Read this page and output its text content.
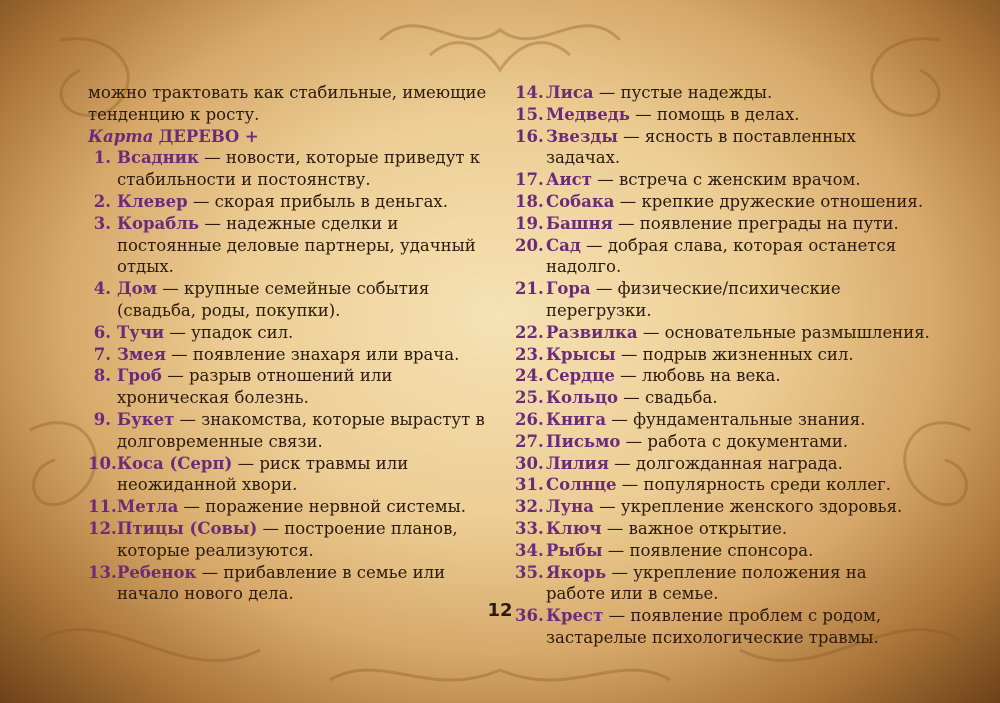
можно трактовать как стабильные, имеющие тенденцию к росту.

Карта ДЕРЕВО +

1. Всадник — новости, которые приведут к стабильности и постоянству.

2. Клевер — скорая прибыль в деньгах.

3. Корабль — надежные сделки и постоянные деловые партнеры, удачный отдых.

4. Дом — крупные семейные события (свадьба, роды, покупки).

6. Тучи — упадок сил.

7. Змея — появление знахаря или врача.

8. Гроб — разрыв отношений или хроническая болезнь.

9. Букет — знакомства, которые вырастут в долговременные связи.

10. Коса (Серп) — риск травмы или неожиданной хвори.

11. Метла — поражение нервной системы.

12. Птицы (Совы) — построение планов, которые реализуются.

13. Ребенок — прибавление в семье или начало нового дела.

14. Лиса — пустые надежды.

15. Медведь — помощь в делах.

16. Звезды — ясность в поставленных задачах.

17. Аист — встреча с женским врачом.

18. Собака — крепкие дружеские отношения.

19. Башня — появление преграды на пути.

20. Сад — добрая слава, которая останется надолго.

21. Гора — физические/психические перегрузки.

22. Развилка — основательные размышления.

23. Крысы — подрыв жизненных сил.

24. Сердце — любовь на века.

25. Кольцо — свадьба.

26. Книга — фундаментальные знания.

27. Письмо — работа с документами.

30. Лилия — долгожданная награда.

31. Солнце — популярность среди коллег.

32. Луна — укрепление женского здоровья.

33. Ключ — важное открытие.

34. Рыбы — появление спонсора.

35. Якорь — укрепление положения на работе или в семье.

36. Крест — появление проблем с родом, застарелые психологические травмы.

12
